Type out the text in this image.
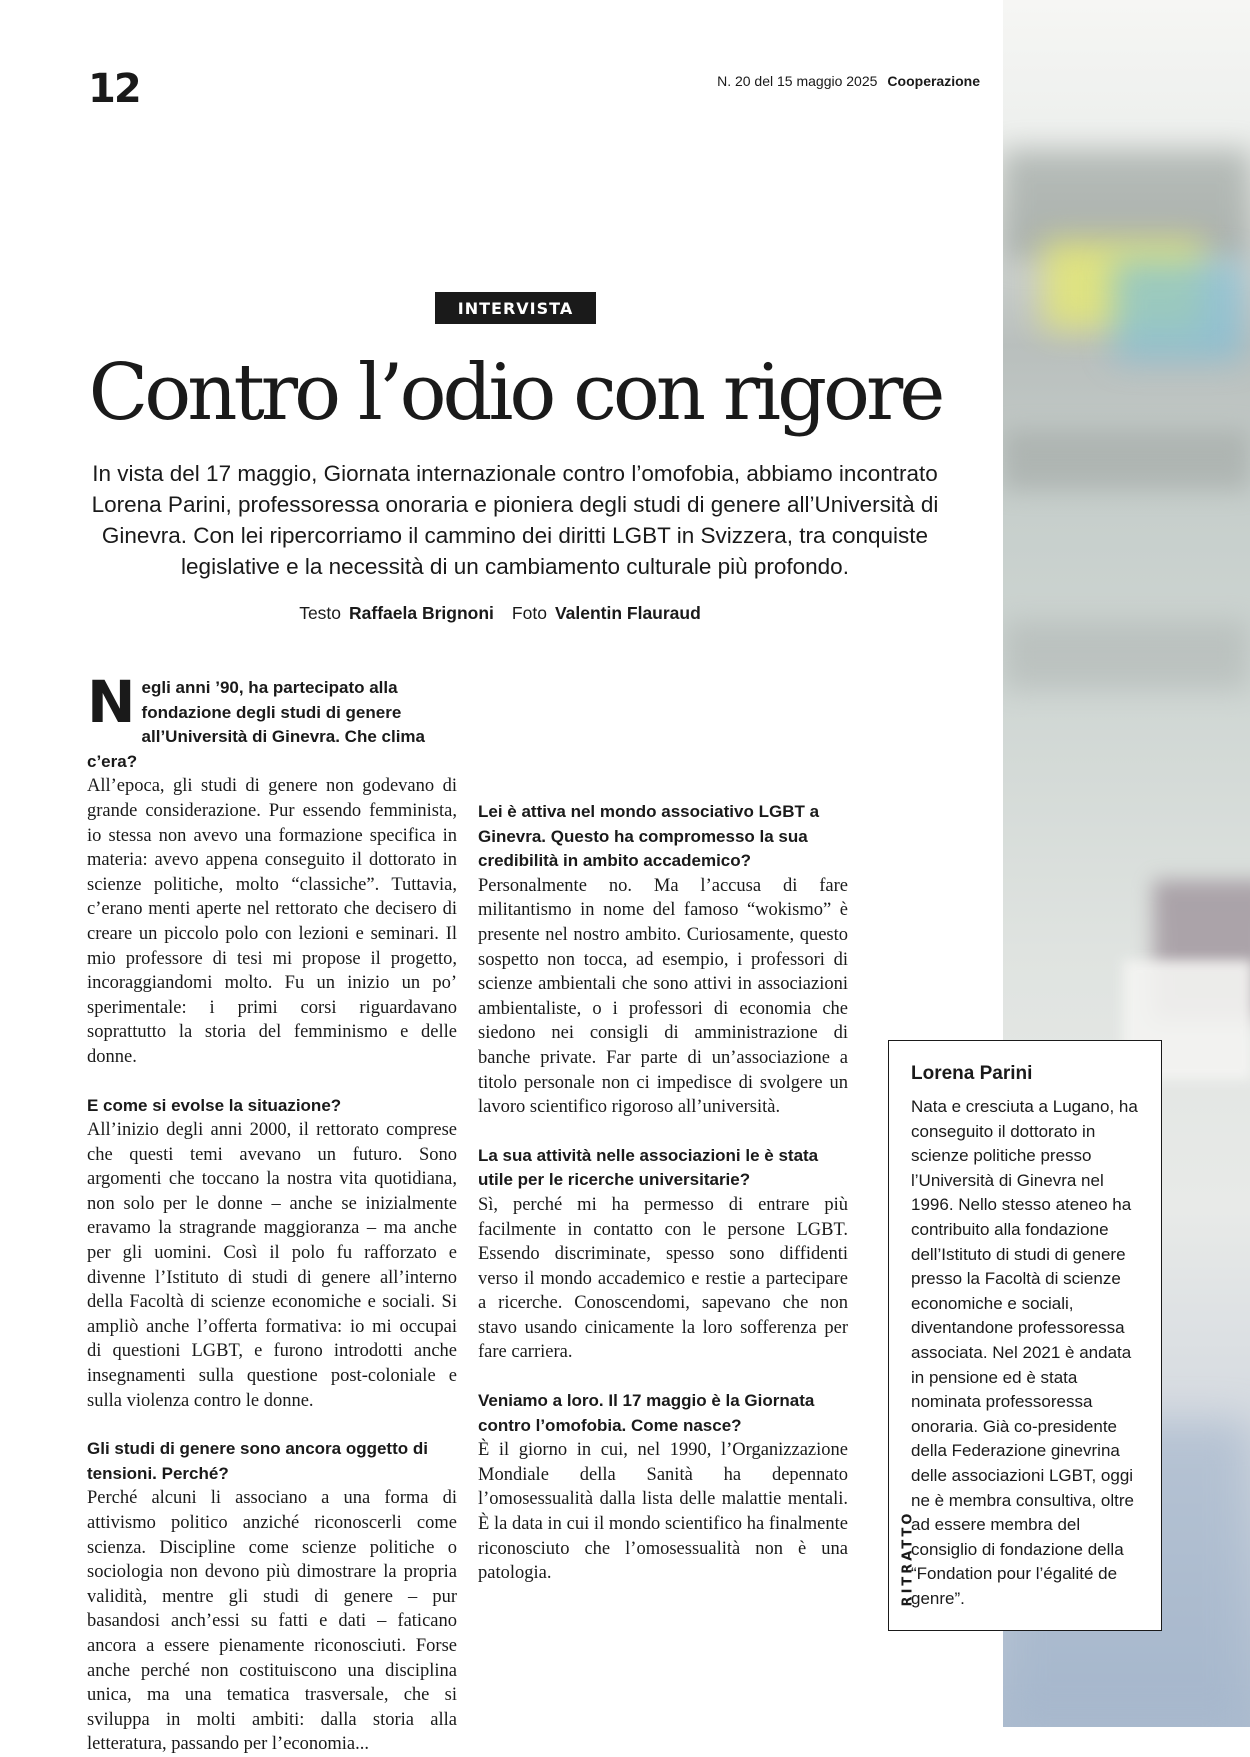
12	N. 20 del 15 maggio 2025 Cooperazione
INTERVISTA
Contro l’odio con rigore
In vista del 17 maggio, Giornata internazionale contro l’omofobia, abbiamo incontrato Lorena Parini, professoressa onoraria e pioniera degli studi di genere all’Università di Ginevra. Con lei ripercorriamo il cammino dei diritti LGBT in Svizzera, tra conquiste legislative e la necessità di un cambiamento culturale più profondo.
Testo Raffaela Brignoni Foto Valentin Flauraud
N egli anni ’90, ha partecipato alla fondazione degli studi di genere all’Università di Ginevra. Che clima c’era?

All’epoca, gli studi di genere non godevano di grande considerazione. Pur essendo femminista, io stessa non avevo una formazione specifica in materia: avevo appena conseguito il dottorato in scienze politiche, molto “classiche”. Tuttavia, c’erano menti aperte nel rettorato che decisero di creare un piccolo polo con lezioni e seminari. Il mio professore di tesi mi propose il progetto, incoraggiandomi molto. Fu un inizio un po’ sperimentale: i primi corsi riguardavano soprattutto la storia del femminismo e delle donne.

E come si evolse la situazione?

All’inizio degli anni 2000, il rettorato comprese che questi temi avevano un futuro. Sono argomenti che toccano la nostra vita quotidiana, non solo per le donne – anche se inizialmente eravamo la stragrande maggioranza – ma anche per gli uomini. Così il polo fu rafforzato e divenne l’Istituto di studi di genere all’interno della Facoltà di scienze economiche e sociali. Si ampliò anche l’offerta formativa: io mi occupai di questioni LGBT, e furono introdotti anche insegnamenti sulla questione post-coloniale e sulla violenza contro le donne.

Gli studi di genere sono ancora oggetto di tensioni. Perché?

Perché alcuni li associano a una forma di attivismo politico anziché riconoscerli come scienza. Discipline come scienze politiche o sociologia non devono più dimostrare la propria validità, mentre gli studi di genere – pur basandosi anch’essi su fatti e dati – faticano ancora a essere pienamente riconosciuti. Forse anche perché non costituiscono una disciplina unica, ma una tematica trasversale, che si sviluppa in molti ambiti: dalla storia alla letteratura, passando per l’economia...

Lei è attiva nel mondo associativo LGBT a Ginevra. Questo ha compromesso la sua credibilità in ambito accademico?

Personalmente no. Ma l’accusa di fare militantismo in nome del famoso “wokismo” è presente nel nostro ambito. Curiosamente, questo sospetto non tocca, ad esempio, i professori di scienze ambientali che sono attivi in associazioni ambientaliste, o i professori di economia che siedono nei consigli di amministrazione di banche private. Far parte di un’associazione a titolo personale non ci impedisce di svolgere un lavoro scientifico rigoroso all’università.

La sua attività nelle associazioni le è stata utile per le ricerche universitarie?

Sì, perché mi ha permesso di entrare più facilmente in contatto con le persone LGBT. Essendo discriminate, spesso sono diffidenti verso il mondo accademico e restie a partecipare a ricerche. Conoscendomi, sapevano che non stavo usando cinicamente la loro sofferenza per fare carriera.

Veniamo a loro. Il 17 maggio è la Giornata contro l’omofobia. Come nasce?

È il giorno in cui, nel 1990, l’Organizzazione Mondiale della Sanità ha depennato l’omosessualità dalla lista delle malattie mentali. È la data in cui il mondo scientifico ha finalmente riconosciuto che l’omosessualità non è una patologia.	RITRATTO
Lorena Parini

Nata e cresciuta a Lugano, ha conseguito il dottorato in scienze politiche presso l’Università di Ginevra nel 1996. Nello stesso ateneo ha contribuito alla fondazione dell’Istituto di studi di genere presso la Facoltà di scienze economiche e sociali, diventandone professoressa associata. Nel 2021 è andata in pensione ed è stata nominata professoressa onoraria. Già co-presidente della Federazione ginevrina delle associazioni LGBT, oggi ne è membra consultiva, oltre ad essere membra del consiglio di fondazione della “Fondation pour l’égalité de genre”.
